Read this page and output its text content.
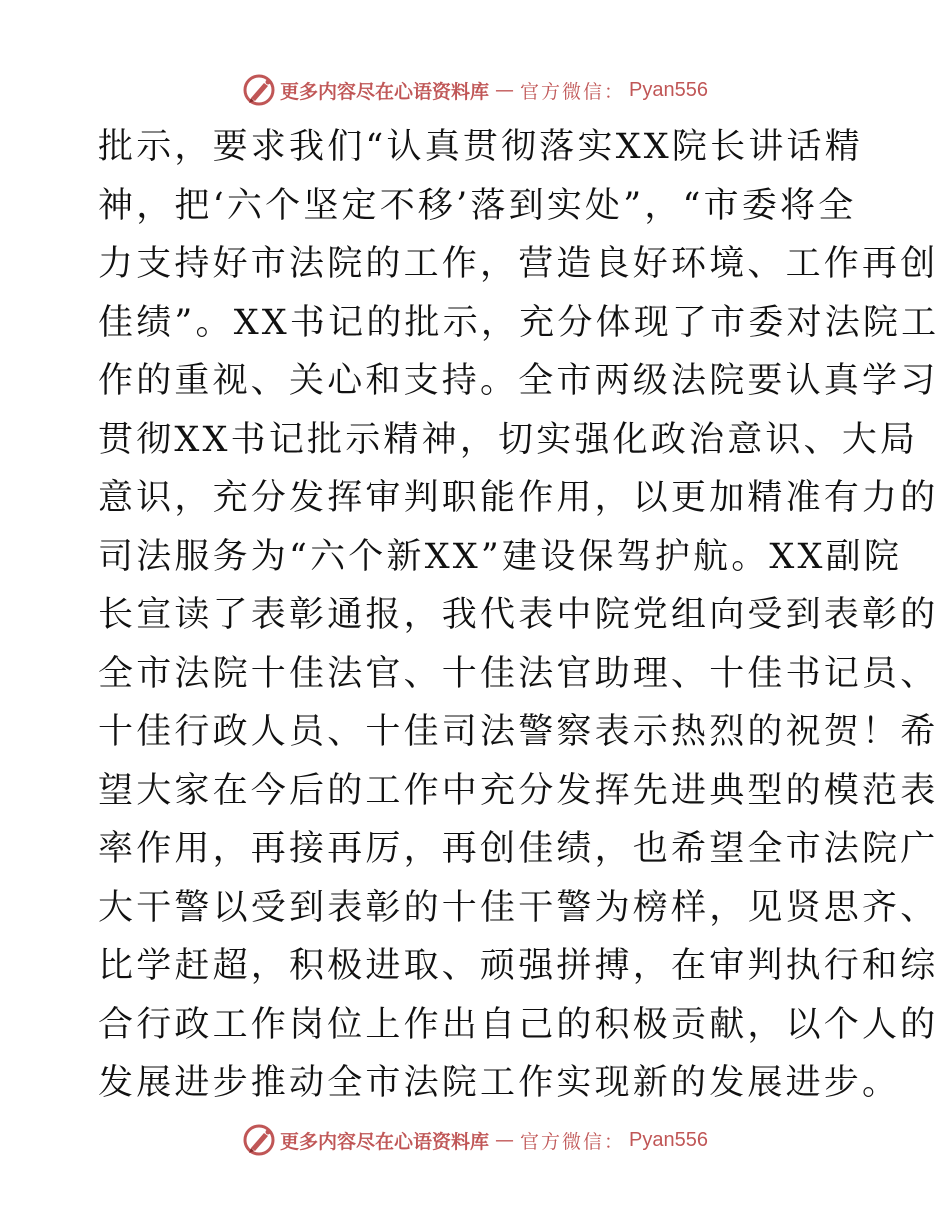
更多内容尽在心语资料库 — 官方微信： Pyan556
批示，要求我们“认真贯彻落实XX院长讲话精
神，把‘六个坚定不移’落到实处”，“市委将全
力支持好市法院的工作，营造良好环境、工作再创
佳绩”。XX书记的批示，充分体现了市委对法院工
作的重视、关心和支持。全市两级法院要认真学习
贯彻XX书记批示精神，切实强化政治意识、大局
意识，充分发挥审判职能作用，以更加精准有力的
司法服务为“六个新XX”建设保驾护航。XX副院
长宣读了表彰通报，我代表中院党组向受到表彰的
全市法院十佳法官、十佳法官助理、十佳书记员、
十佳行政人员、十佳司法警察表示热烈的祝贺！希
望大家在今后的工作中充分发挥先进典型的模范表
率作用，再接再厉，再创佳绩，也希望全市法院广
大干警以受到表彰的十佳干警为榜样，见贤思齐、
比学赶超，积极进取、顽强拼搏，在审判执行和综
合行政工作岗位上作出自己的积极贡献，以个人的
发展进步推动全市法院工作实现新的发展进步。
更多内容尽在心语资料库 — 官方微信： Pyan556
